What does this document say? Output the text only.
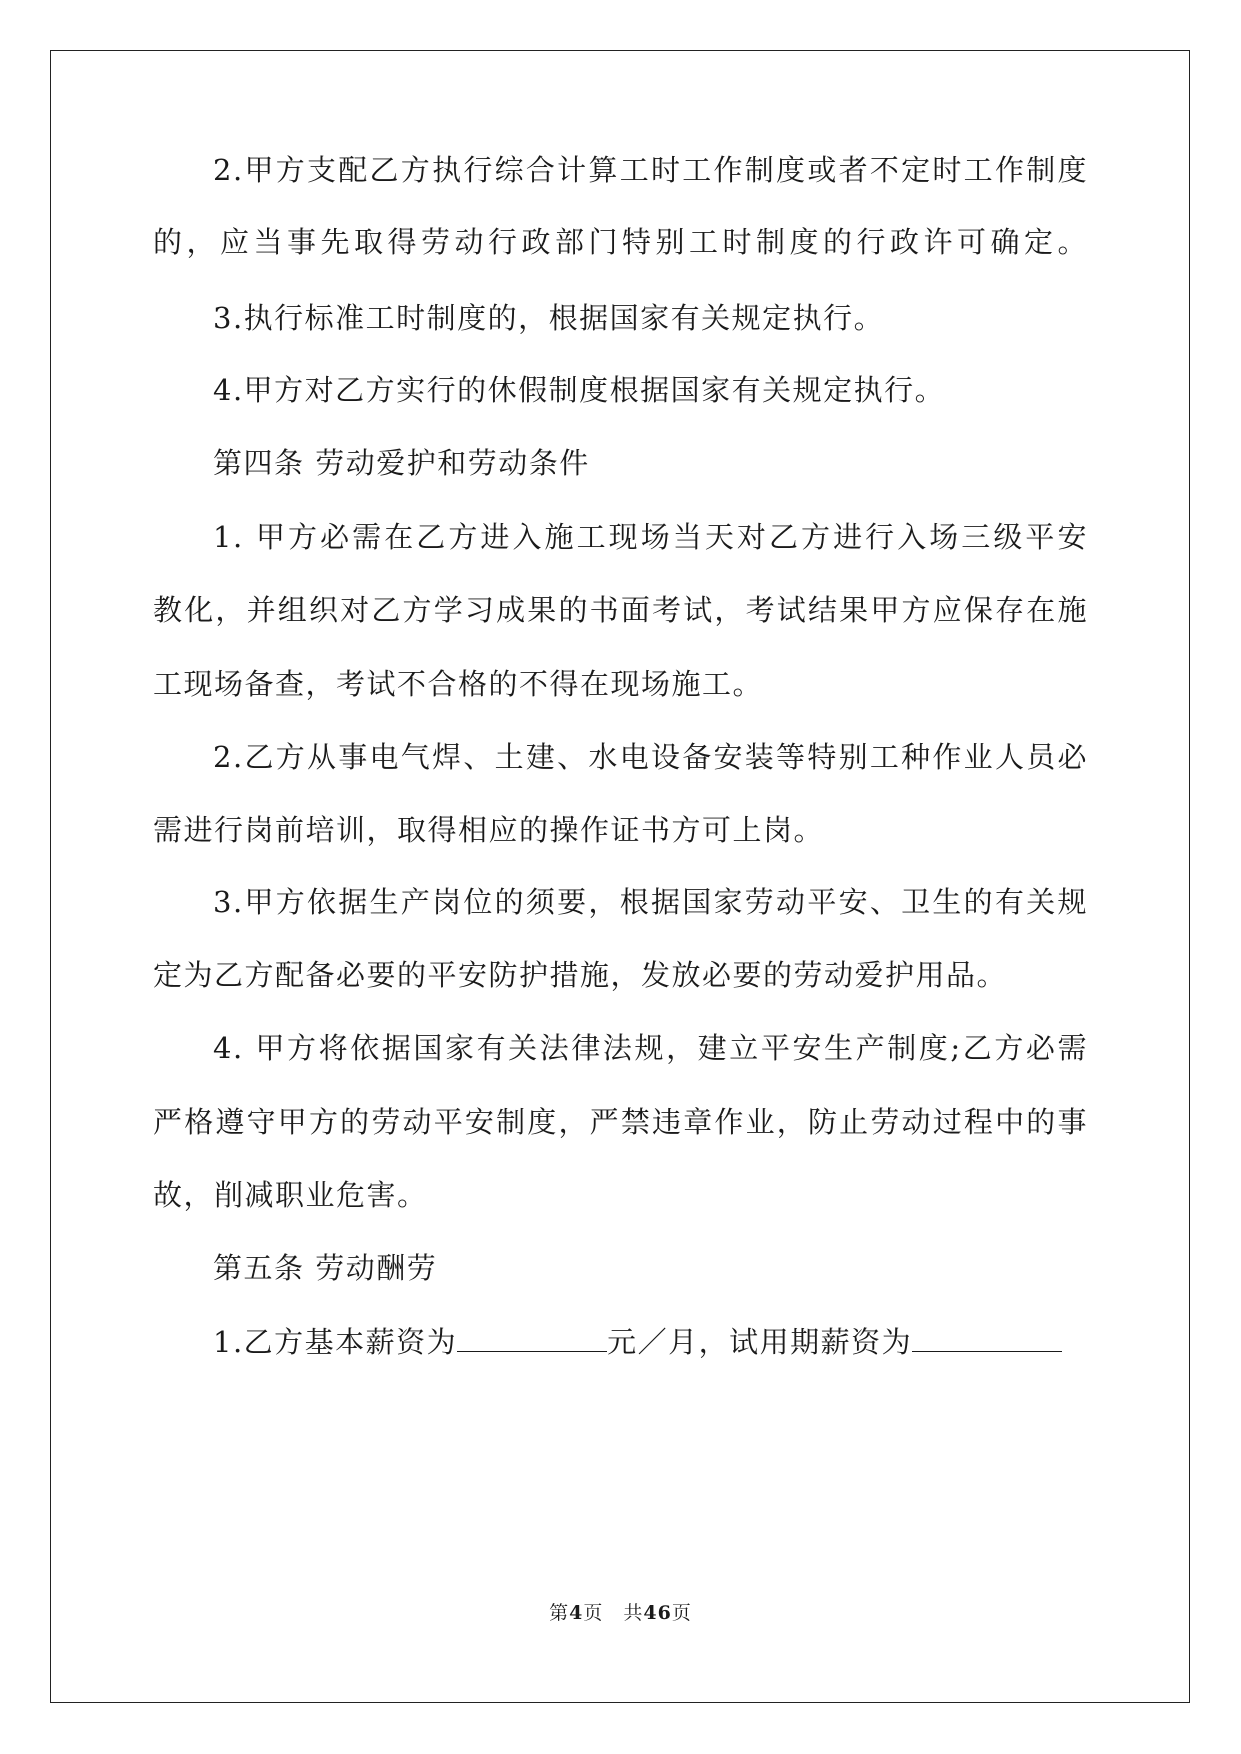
2.甲方支配乙方执行综合计算工时工作制度或者不定时工作制度
的，应当事先取得劳动行政部门特别工时制度的行政许可确定。
3.执行标准工时制度的，根据国家有关规定执行。
4.甲方对乙方实行的休假制度根据国家有关规定执行。
第四条 劳动爱护和劳动条件
1. 甲方必需在乙方进入施工现场当天对乙方进行入场三级平安
教化，并组织对乙方学习成果的书面考试，考试结果甲方应保存在施
工现场备查，考试不合格的不得在现场施工。
2.乙方从事电气焊、土建、水电设备安装等特别工种作业人员必
需进行岗前培训，取得相应的操作证书方可上岗。
3.甲方依据生产岗位的须要，根据国家劳动平安、卫生的有关规
定为乙方配备必要的平安防护措施，发放必要的劳动爱护用品。
4. 甲方将依据国家有关法律法规，建立平安生产制度;乙方必需
严格遵守甲方的劳动平安制度，严禁违章作业，防止劳动过程中的事
故，削减职业危害。
第五条 劳动酬劳
1.乙方基本薪资为	元／月，试用期薪资为
第4页  共46页
